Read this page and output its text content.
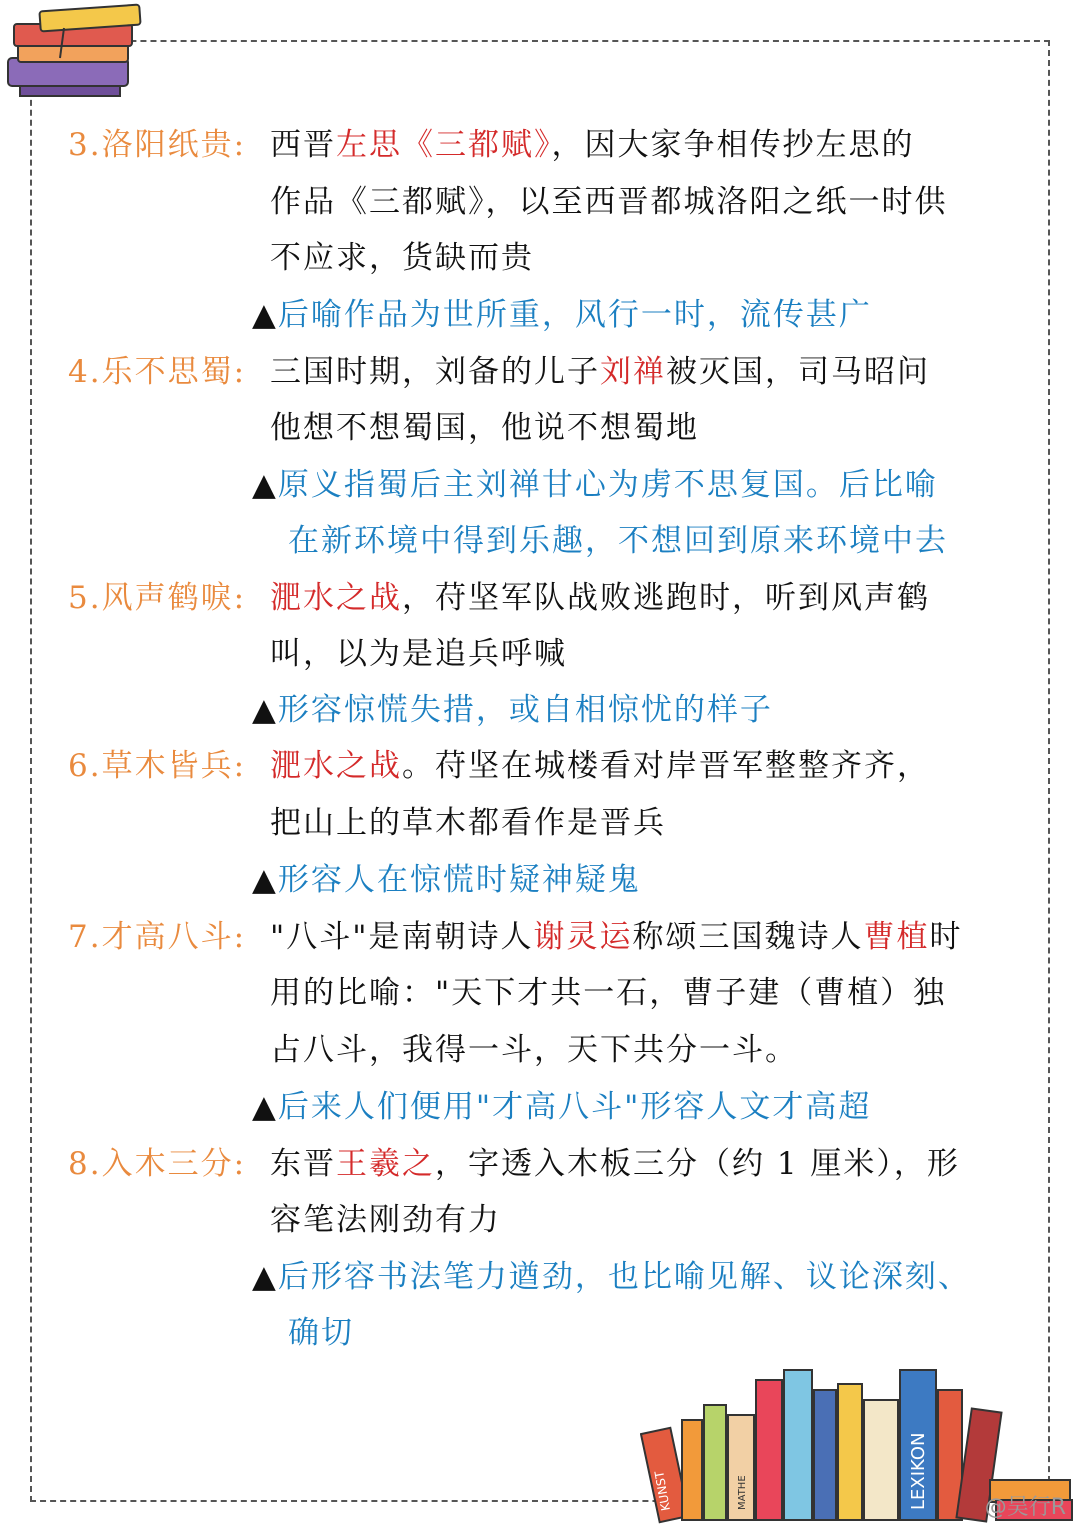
KUNST	MATHE	LEXIKON
3.洛阳纸贵: 西晋左思《三都赋》，因大家争相传抄左思的
作品《三都赋》，以至西晋都城洛阳之纸一时供
不应求，货缺而贵
▲后喻作品为世所重，风行一时，流传甚广
4.乐不思蜀: 三国时期，刘备的儿子刘禅被灭国，司马昭问
他想不想蜀国，他说不想蜀地
▲原义指蜀后主刘禅甘心为虏不思复国。后比喻
在新环境中得到乐趣，不想回到原来环境中去
5.风声鹤唳: 淝水之战，苻坚军队战败逃跑时，听到风声鹤
叫，以为是追兵呼喊
▲形容惊慌失措，或自相惊忧的样子
6.草木皆兵: 淝水之战。苻坚在城楼看对岸晋军整整齐齐，
把山上的草木都看作是晋兵
▲形容人在惊慌时疑神疑鬼
7.才高八斗: "八斗"是南朝诗人谢灵运称颂三国魏诗人曹植时
用的比喻："天下才共一石，曹子建（曹植）独
占八斗，我得一斗，天下共分一斗。
▲后来人们便用"才高八斗"形容人文才高超
8.入木三分: 东晋王羲之，字透入木板三分（约 1 厘米），形
容笔法刚劲有力
▲后形容书法笔力遒劲，也比喻见解、议论深刻、
确切
@吴行R
